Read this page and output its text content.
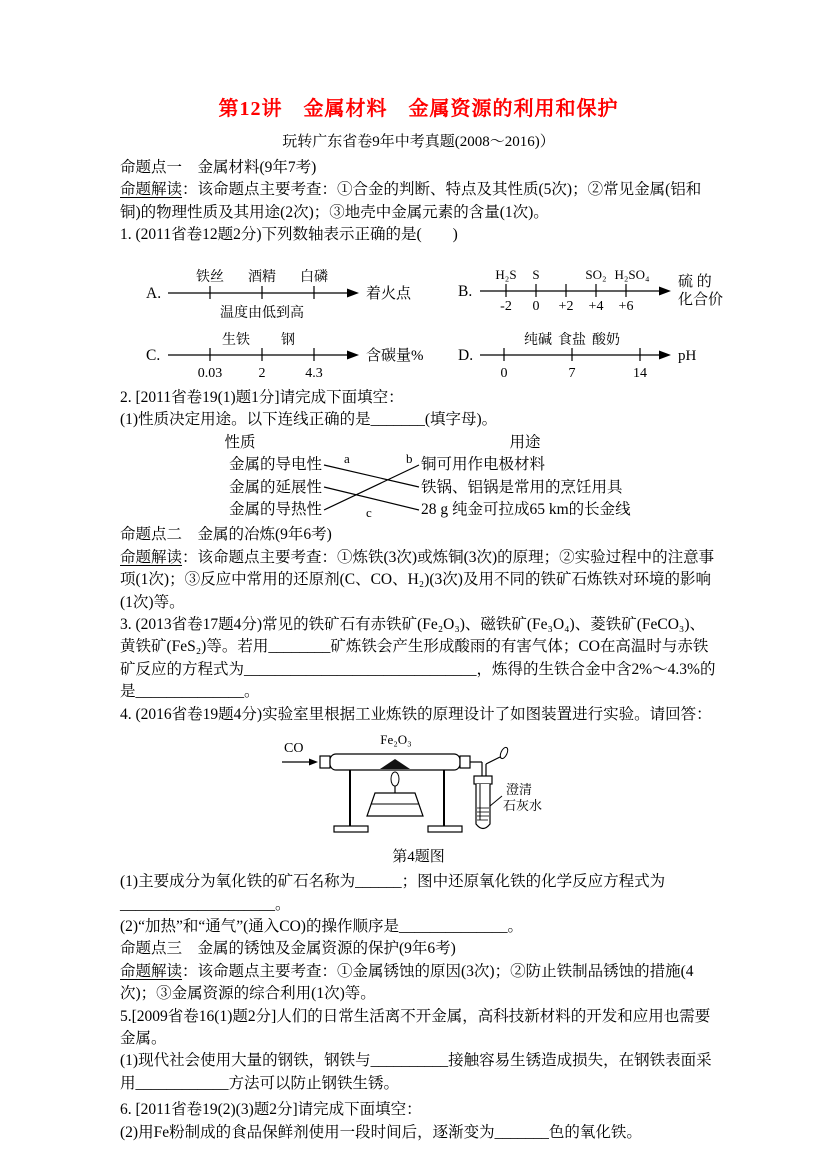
第12讲　金属材料　金属资源的利用和保护
玩转广东省卷9年中考真题(2008～2016)）

命题点一　金属材料(9年7考)

命题解读：该命题点主要考查：①合金的判断、特点及其性质(5次)；②常见金属(铝和铜)的物理性质及其用途(2次)；③地壳中金属元素的含量(1次)。

1. (2011省卷12题2分)下列数轴表示正确的是(　　)

A.
铁丝 酒精 白磷
着火点
温度由低到高
B.
H₂S S	SO₂ H₂SO₄
-2 0 +2 +4 +6
硫 的
化合价
C.
生铁 钢
0.03	2	4.3
含碳量% D.
纯碱 食盐 酸奶
0	7	14
pH

2. [2011省卷19(1)题1分]请完成下面填空：

(1)性质决定用途。以下连线正确的是_______(填字母)。

性质	用途
金属的导电性
金属的延展性
金属的导热性
a	b
c
铜可用作电极材料
铁锅、铝锅是常用的烹饪用具
28 g 纯金可拉成65 km的长金线

命题点二　金属的冶炼(9年6考)

命题解读：该命题点主要考查：①炼铁(3次)或炼铜(3次)的原理；②实验过程中的注意事项(1次)；③反应中常用的还原剂(C、CO、H₂)(3次)及用不同的铁矿石炼铁对环境的影响(1次)等。

3. (2013省卷17题4分)常见的铁矿石有赤铁矿(Fe₂O₃)、磁铁矿(Fe₃O₄)、菱铁矿(FeCO₃)、黄铁矿(FeS₂)等。若用________矿炼铁会产生形成酸雨的有害气体；CO在高温时与赤铁矿反应的方程式为______________________________，炼得的生铁合金中含2%～4.3%的是______________。

4. (2016省卷19题4分)实验室里根据工业炼铁的原理设计了如图装置进行实验。请回答：

CO
Fe₂O₃
澄清
石灰水

第4题图

(1)主要成分为氧化铁的矿石名称为______；图中还原氧化铁的化学反应方程式为

____________________。

(2)“加热”和“通气”(通入CO)的操作顺序是______________。

命题点三　金属的锈蚀及金属资源的保护(9年6考)

命题解读：该命题点主要考查：①金属锈蚀的原因(3次)；②防止铁制品锈蚀的措施(4次)；③金属资源的综合利用(1次)等。

5.[2009省卷16(1)题2分]人们的日常生活离不开金属，高科技新材料的开发和应用也需要金属。

(1)现代社会使用大量的钢铁，钢铁与__________接触容易生锈造成损失，在钢铁表面采用____________方法可以防止钢铁生锈。

6. [2011省卷19(2)(3)题2分]请完成下面填空：

(2)用Fe粉制成的食品保鲜剂使用一段时间后，逐渐变为_______色的氧化铁。
